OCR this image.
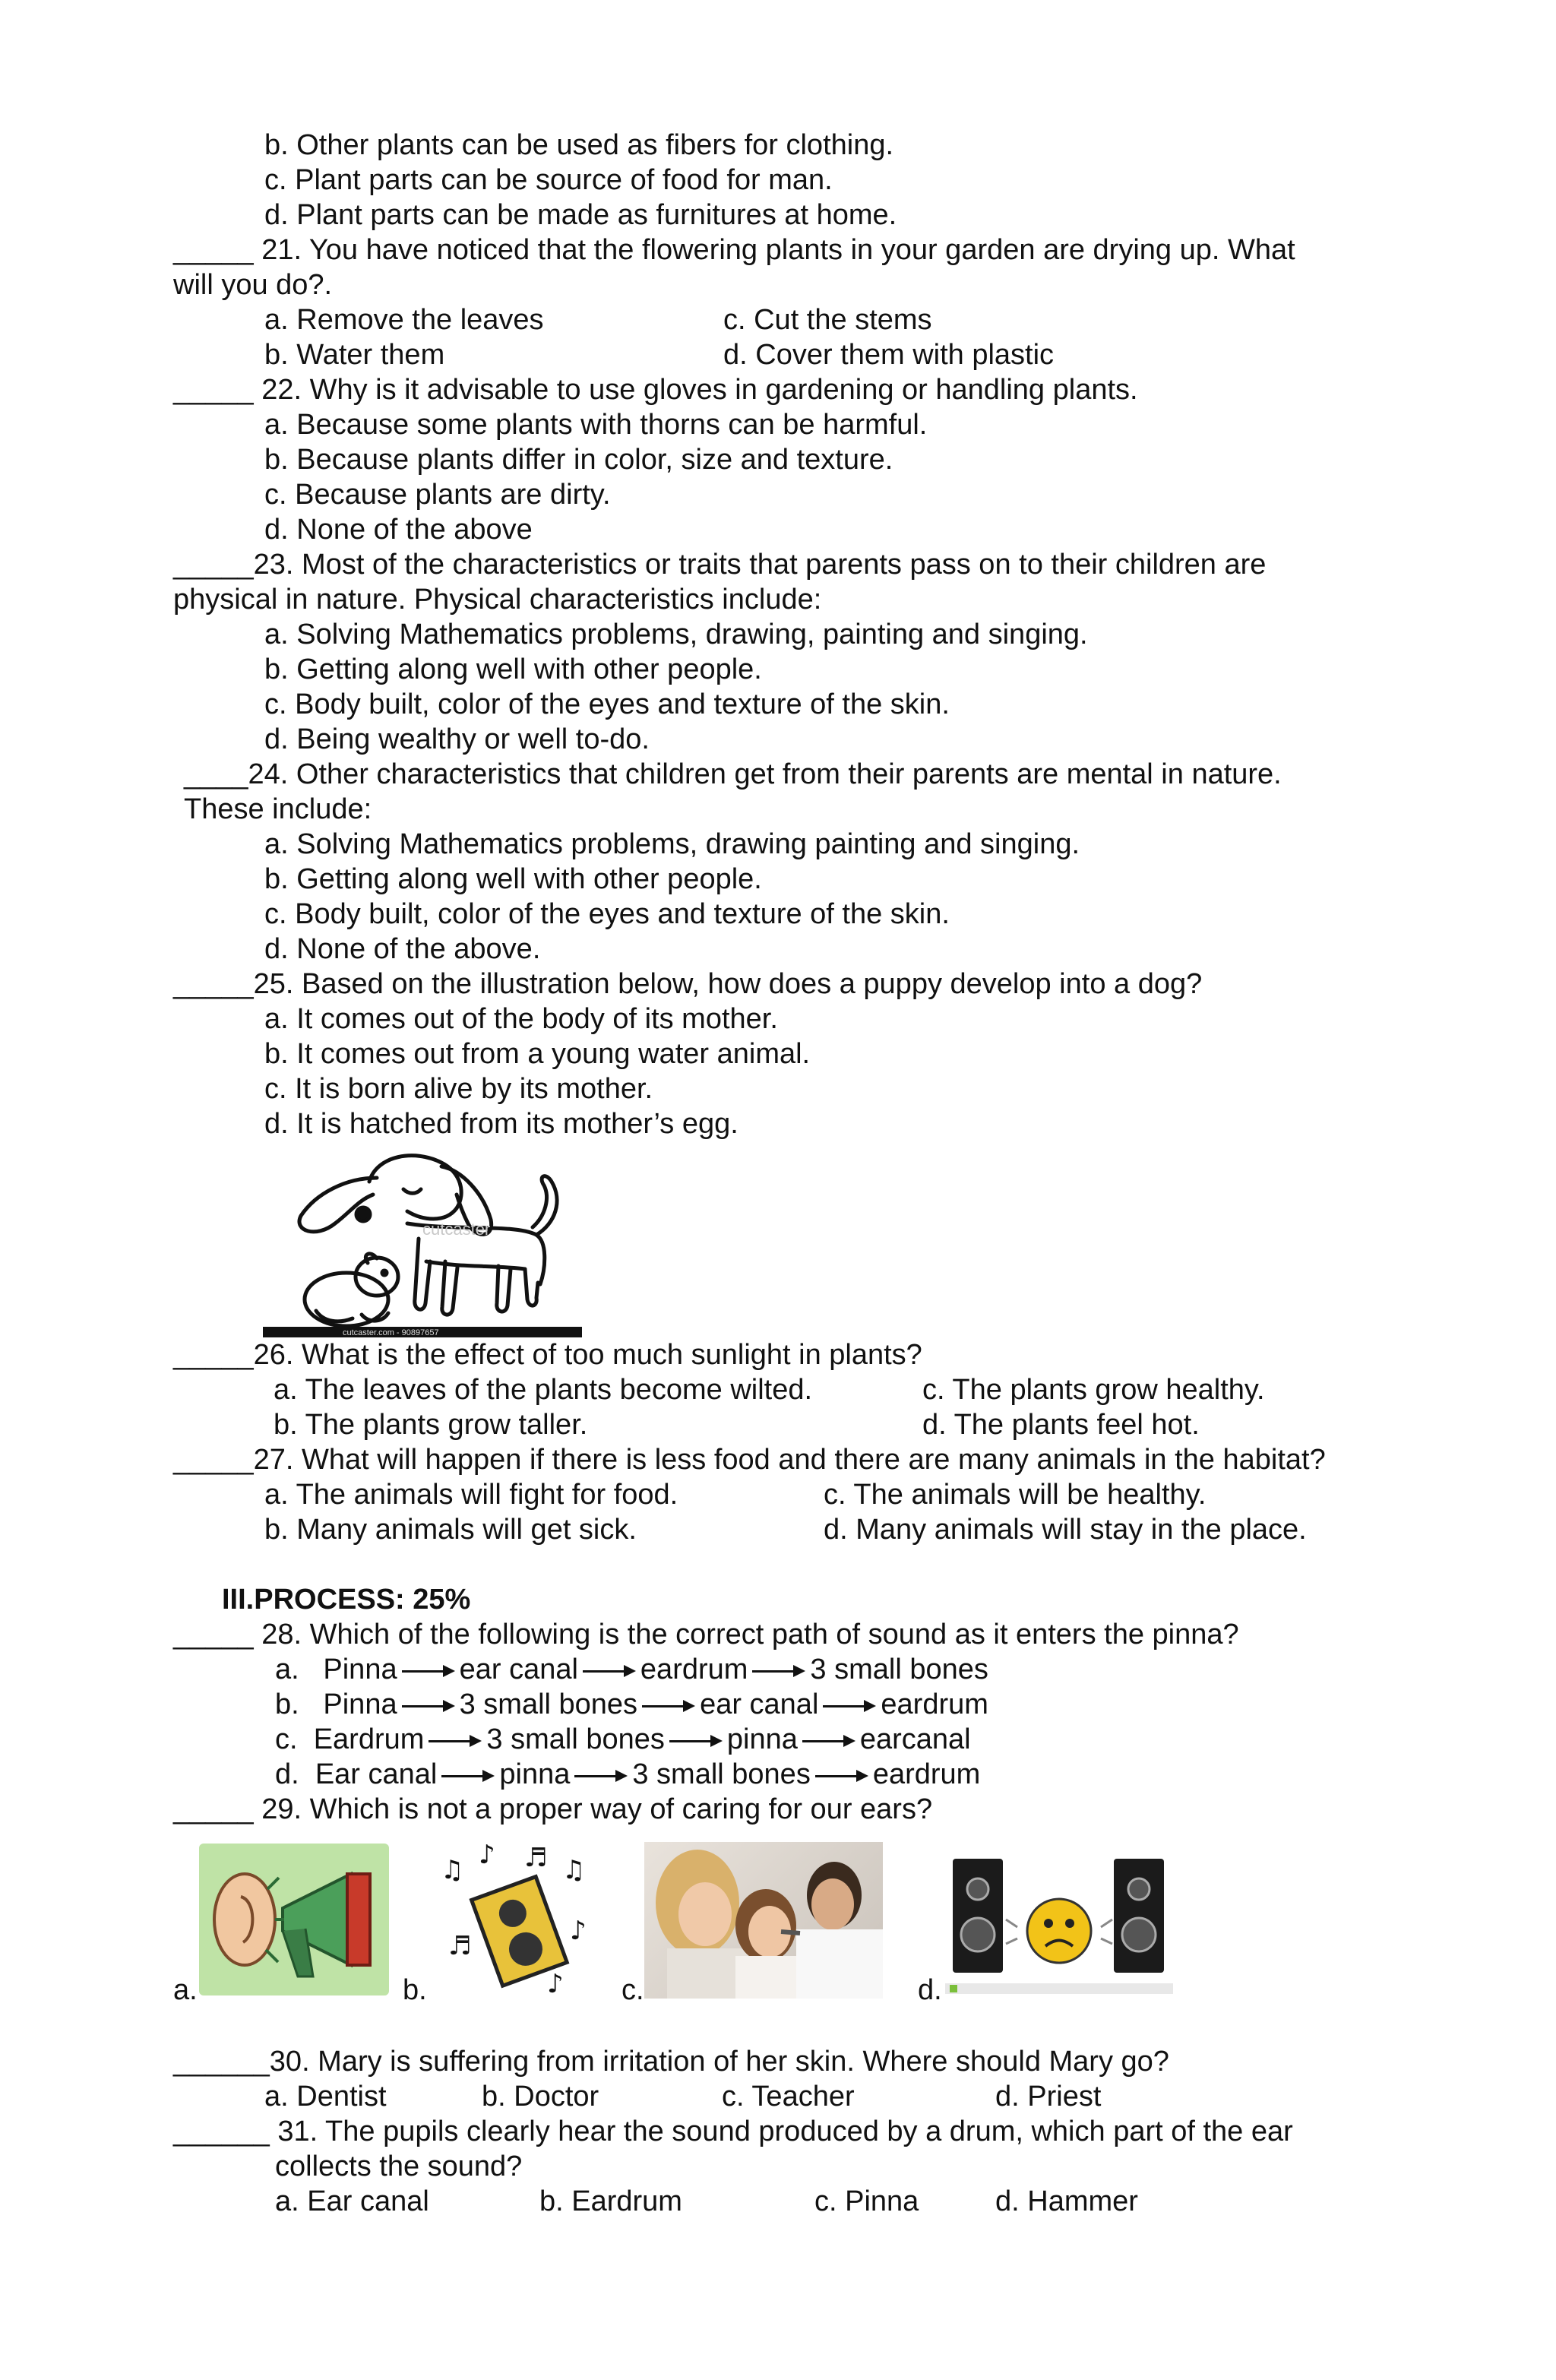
b. Other plants can be used as fibers for clothing.
c. Plant parts can be source of food for man.
d. Plant parts can be made as furnitures at home.
_____ 21. You have noticed that the flowering plants in your garden are drying up. What
will you do?.
a. Remove the leaves	c. Cut the stems
b. Water them	d. Cover them with plastic
_____ 22. Why is it advisable to use gloves in gardening or handling plants.
a. Because some plants with thorns can be harmful.
b. Because plants differ in color, size and texture.
c. Because plants are dirty.
d. None of the above
_____23. Most of the characteristics or traits that parents pass on to their children are
physical in nature. Physical characteristics include:
a. Solving Mathematics problems, drawing, painting and singing.
b. Getting along well with other people.
c. Body built, color of the eyes and texture of the skin.
d. Being wealthy or well to-do.
____24. Other characteristics that children get from their parents are mental in nature.
These include:
a. Solving Mathematics problems, drawing painting and singing.
b. Getting along well with other people.
c. Body built, color of the eyes and texture of the skin.
d. None of the above.
_____25. Based on the illustration below, how does a puppy develop into a dog?
a. It comes out of the body of its mother.
b. It comes out from a young water animal.
c. It is born alive by its mother.
d. It is hatched from its mother’s egg.
cutcaster
cutcaster.com - 90897657
_____26. What is the effect of too much sunlight in plants?
a. The leaves of the plants become wilted.	c. The plants grow healthy.
b. The plants grow taller.	d. The plants feel hot.
_____27. What will happen if there is less food and there are many animals in the habitat?
a. The animals will fight for food.	c. The animals will be healthy.
b. Many animals will get sick.	d. Many animals will stay in the place.
III.PROCESS: 25%
_____ 28. Which of the following is the correct path of sound as it enters the pinna?
a. Pinna ear canal eardrum 3 small bones
b. Pinna 3 small bones ear canal eardrum
c. Eardrum 3 small bones pinna earcanal
d. Ear canal pinna 3 small bones eardrum
_____ 29. Which is not a proper way of caring for our ears?
a.	b.
♫ ♪ ♬ ♫
♪
♬
♪ c.	d.
______30. Mary is suffering from irritation of her skin. Where should Mary go?
a. Dentist	b. Doctor	c. Teacher	d. Priest
______ 31. The pupils clearly hear the sound produced by a drum, which part of the ear
collects the sound?
a. Ear canal	b. Eardrum	c. Pinna	d. Hammer
